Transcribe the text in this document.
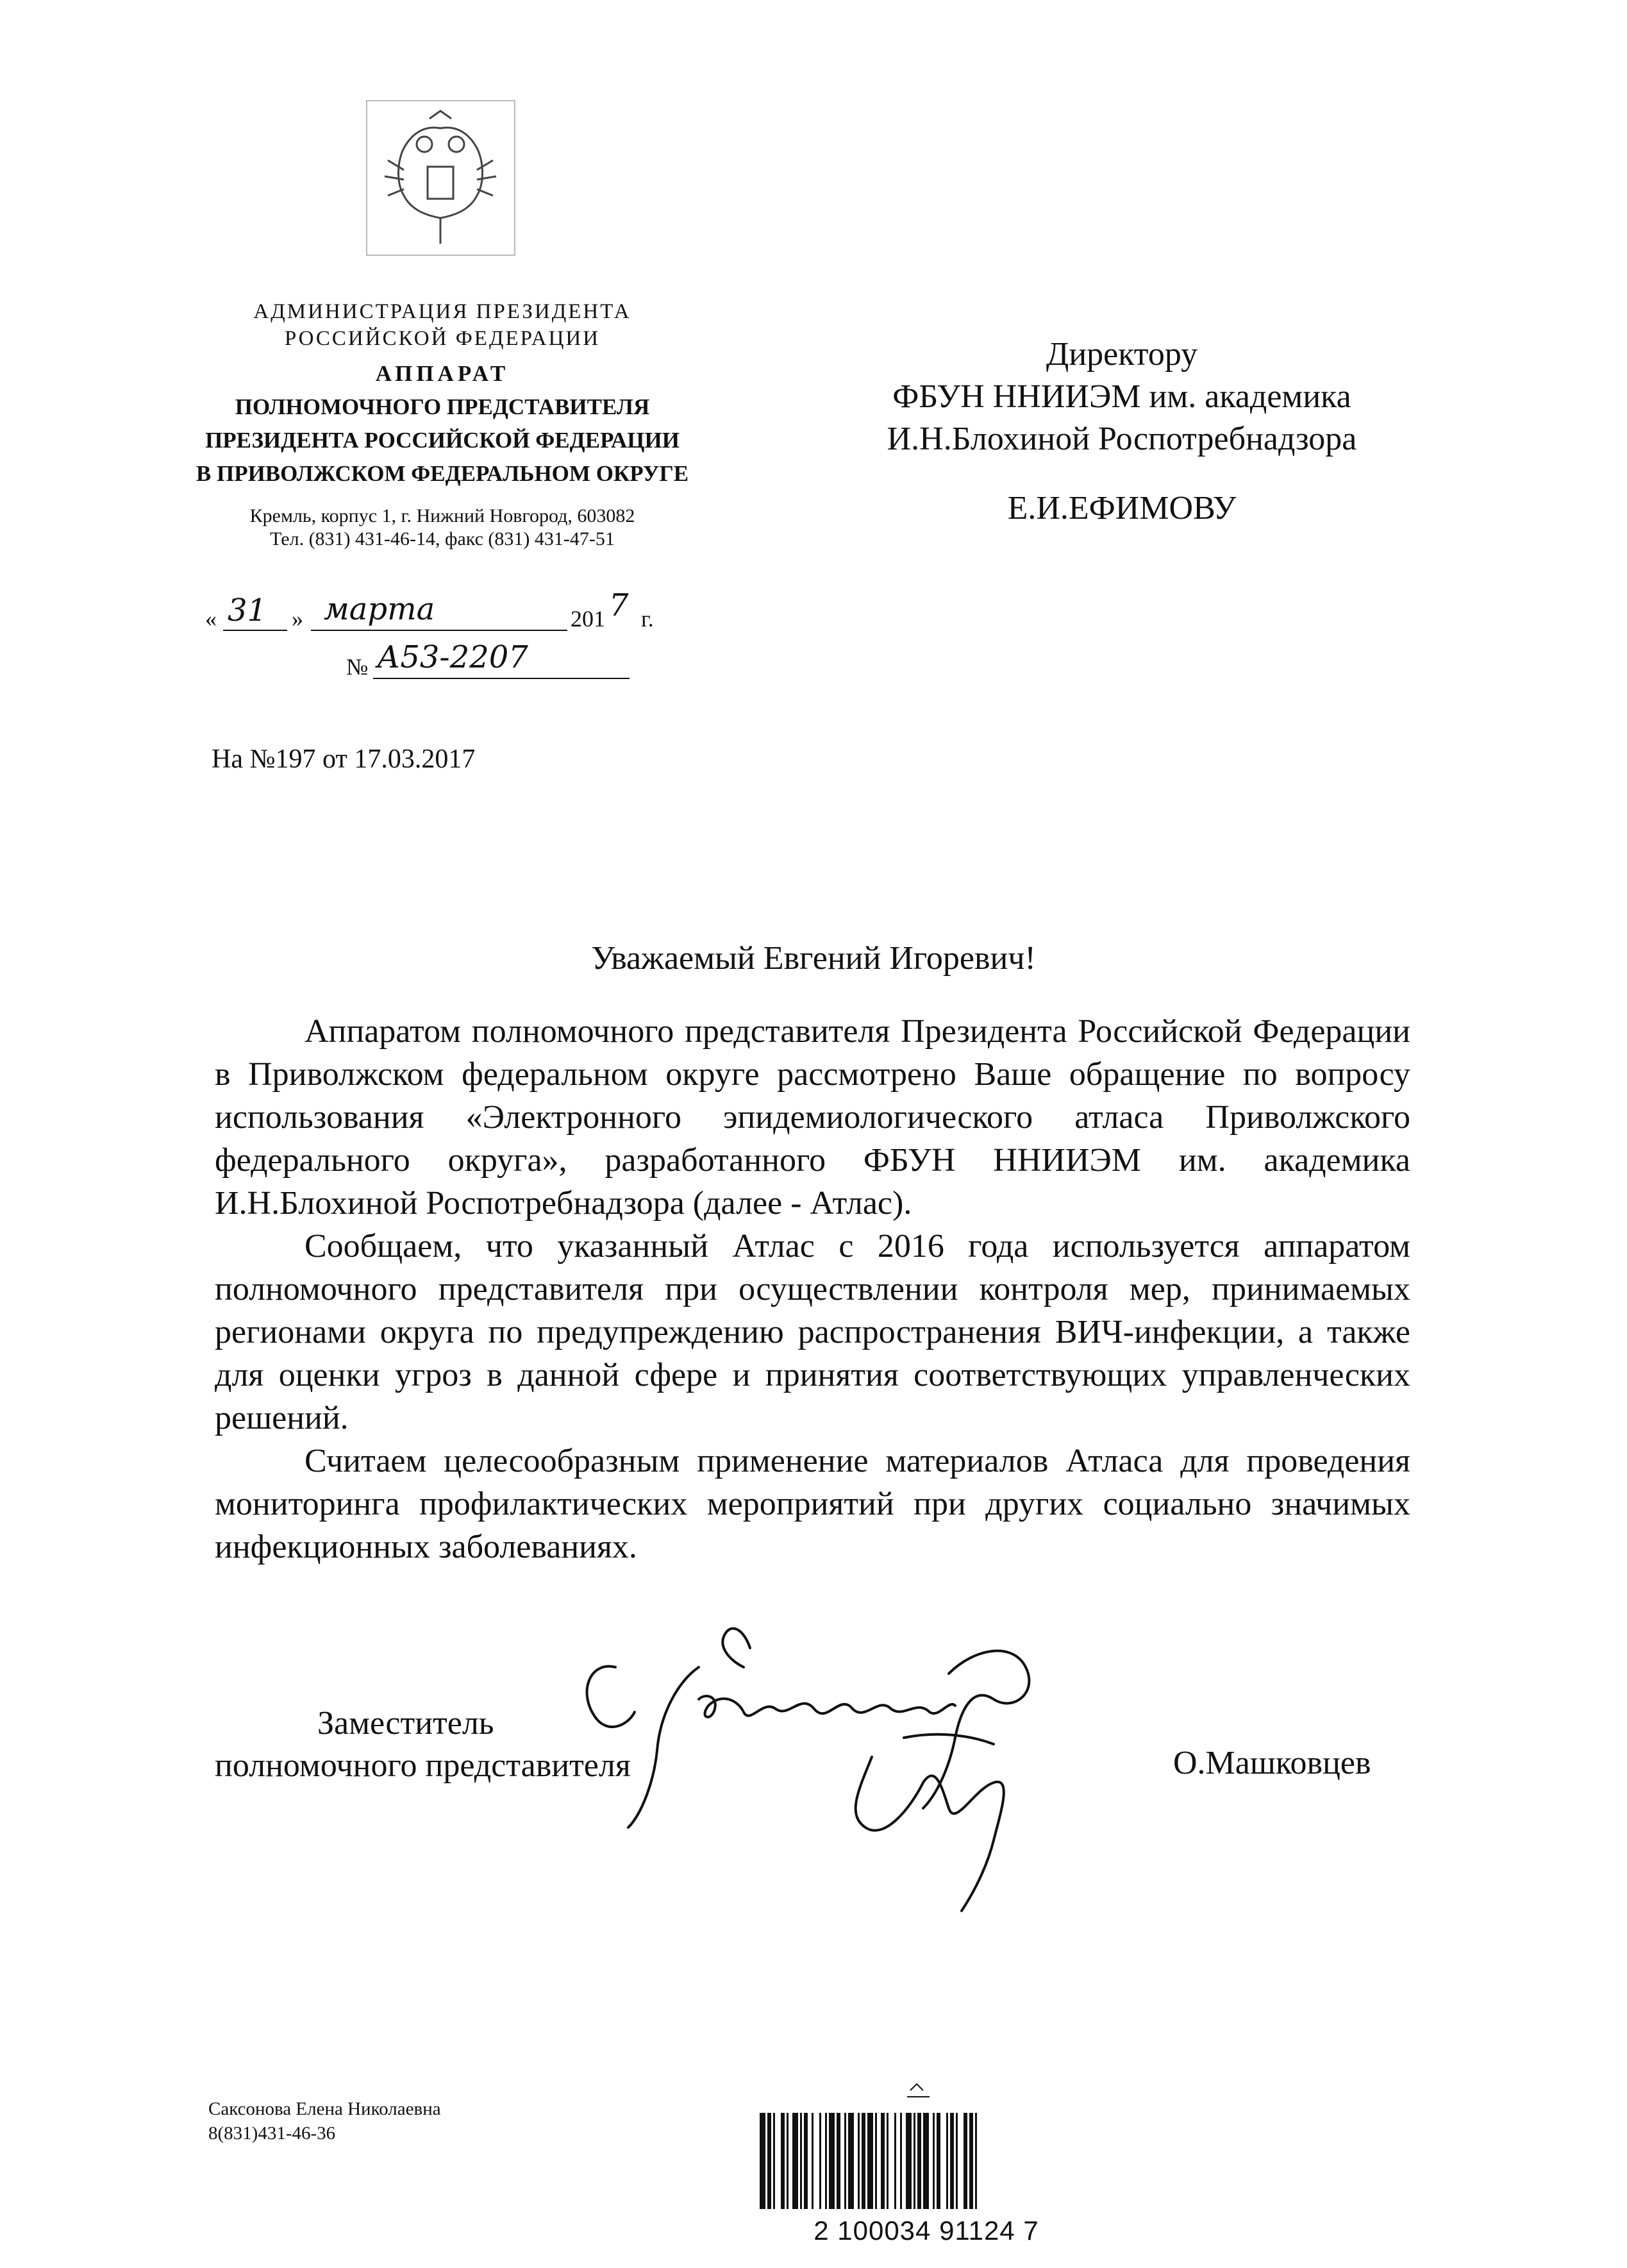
АДМИНИСТРАЦИЯ ПРЕЗИДЕНТА
РОССИЙСКОЙ ФЕДЕРАЦИИ
АППАРАТ
ПОЛНОМОЧНОГО ПРЕДСТАВИТЕЛЯ
ПРЕЗИДЕНТА РОССИЙСКОЙ ФЕДЕРАЦИИ
В ПРИВОЛЖСКОМ ФЕДЕРАЛЬНОМ ОКРУГЕ
Кремль, корпус 1, г. Нижний Новгород, 603082
Тел. (831) 431-46-14, факс (831) 431-47-51
« 31 » марта	201 7 г.
№ А53-2207
На №197 от 17.03.2017
Директору
ФБУН ННИИЭМ им. академика
И.Н.Блохиной Роспотребнадзора
Е.И.ЕФИМОВУ
Уважаемый Евгений Игоревич!

Аппаратом полномочного представителя Президента Российской Федерации в Приволжском федеральном округе рассмотрено Ваше обращение по вопросу использования «Электронного эпидемиологического атласа Приволжского федерального округа», разработанного ФБУН ННИИЭМ им. академика И.Н.Блохиной Роспотребнадзора (далее - Атлас).

Сообщаем, что указанный Атлас с 2016 года используется аппаратом полномочного представителя при осуществлении контроля мер, принимаемых регионами округа по предупреждению распространения ВИЧ-инфекции, а также для оценки угроз в данной сфере и принятия соответствующих управленческих решений.

Считаем целесообразным применение материалов Атласа для проведения мониторинга профилактических мероприятий при других социально значимых инфекционных заболеваниях.

Заместитель
полномочного представителя	О.Машковцев
Саксонова Елена Николаевна
8(831)431-46-36
2 100034 91124 7
